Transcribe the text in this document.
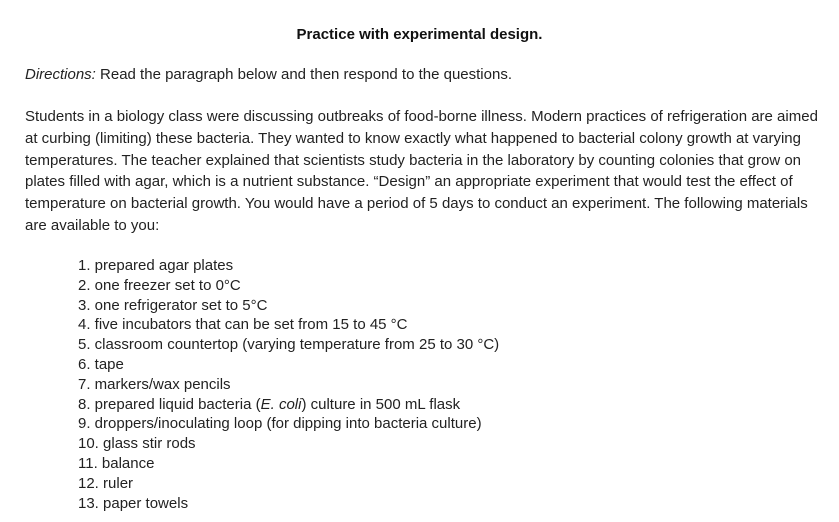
Practice with experimental design.
Directions: Read the paragraph below and then respond to the questions.

Students in a biology class were discussing outbreaks of food-borne illness. Modern practices of refrigeration are aimed at curbing (limiting) these bacteria. They wanted to know exactly what happened to bacterial colony growth at varying temperatures. The teacher explained that scientists study bacteria in the laboratory by counting colonies that grow on plates filled with agar, which is a nutrient substance. “Design” an appropriate experiment that would test the effect of temperature on bacterial growth. You would have a period of 5 days to conduct an experiment. The following materials are available to you:

1. prepared agar plates
2. one freezer set to 0°C
3. one refrigerator set to 5°C
4. five incubators that can be set from 15 to 45 °C
5. classroom countertop (varying temperature from 25 to 30 °C)
6. tape
7. markers/wax pencils
8. prepared liquid bacteria (E. coli) culture in 500 mL flask
9. droppers/inoculating loop (for dipping into bacteria culture)
10. glass stir rods
11. balance
12. ruler
13. paper towels
